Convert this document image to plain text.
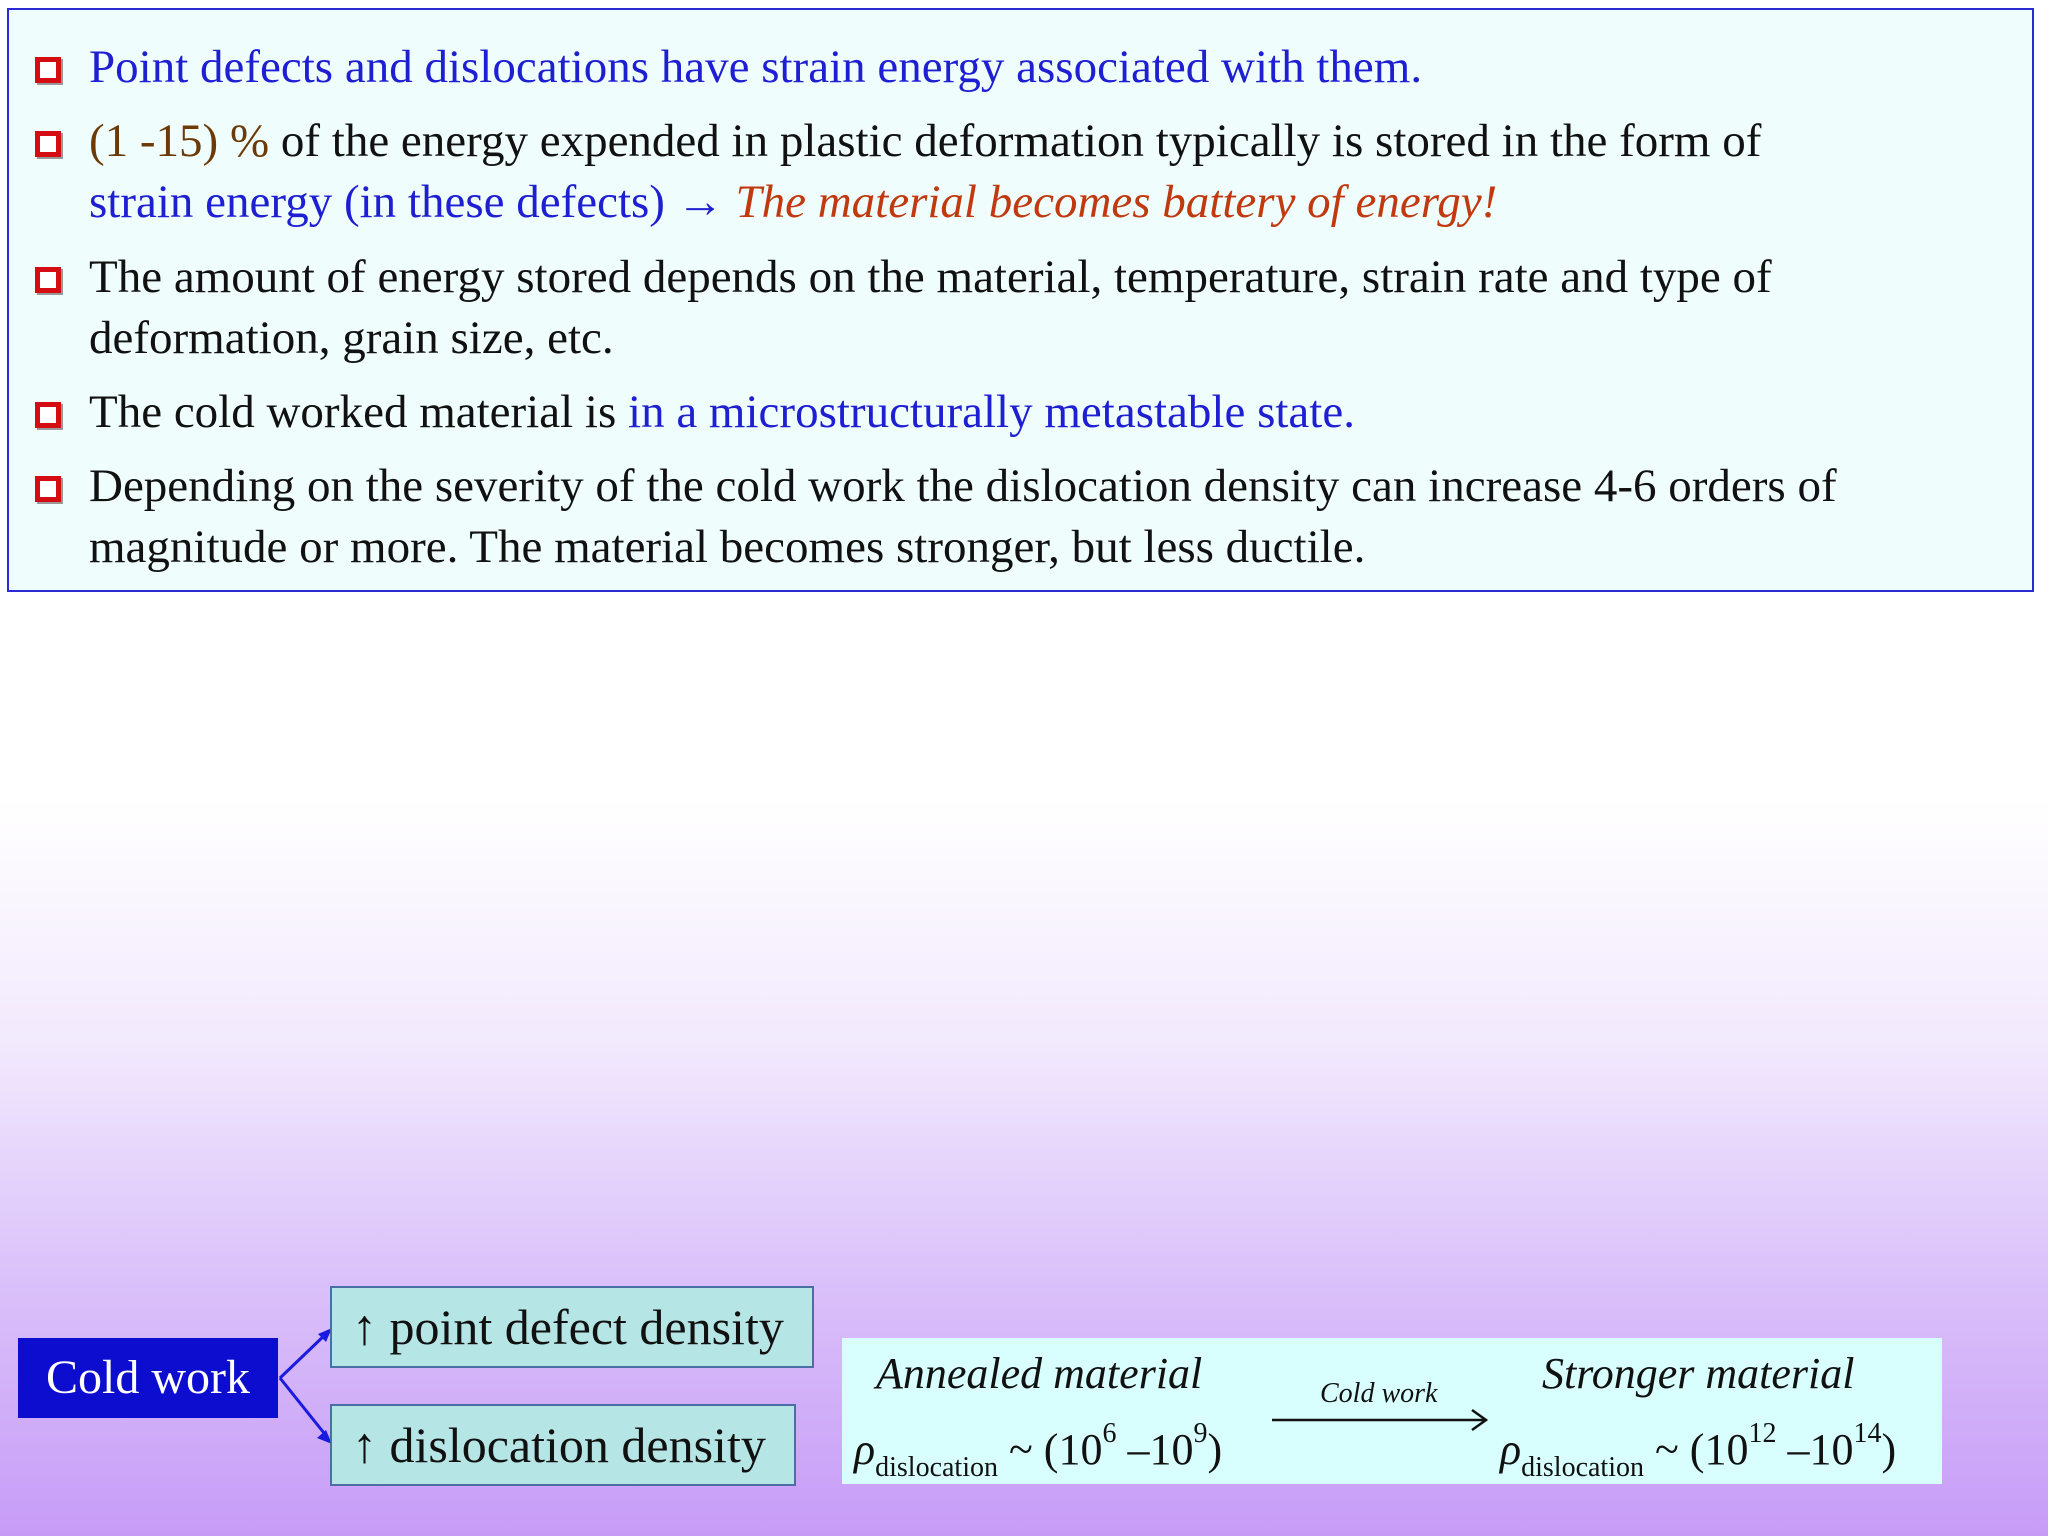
Point defects and dislocations have strain energy associated with them.
(1 -15) % of the energy expended in plastic deformation typically is stored in the form of
strain energy (in these defects) → The material becomes battery of energy!
The amount of energy stored depends on the material, temperature, strain rate and type of deformation, grain size, etc.
The cold worked material is in a microstructurally metastable state.
Depending on the severity of the cold work the dislocation density can increase 4-6 orders of magnitude or more. The material becomes stronger, but less ductile.
Cold work
↑ point defect density
↑ dislocation density
Annealed material	Cold work Stronger material
$\rho_{dislocation}$ ~ ($10^6$ $-10^9$)	$\rho_{dislocation}$ ~ ($10^{12}$ $-10^{14}$)
